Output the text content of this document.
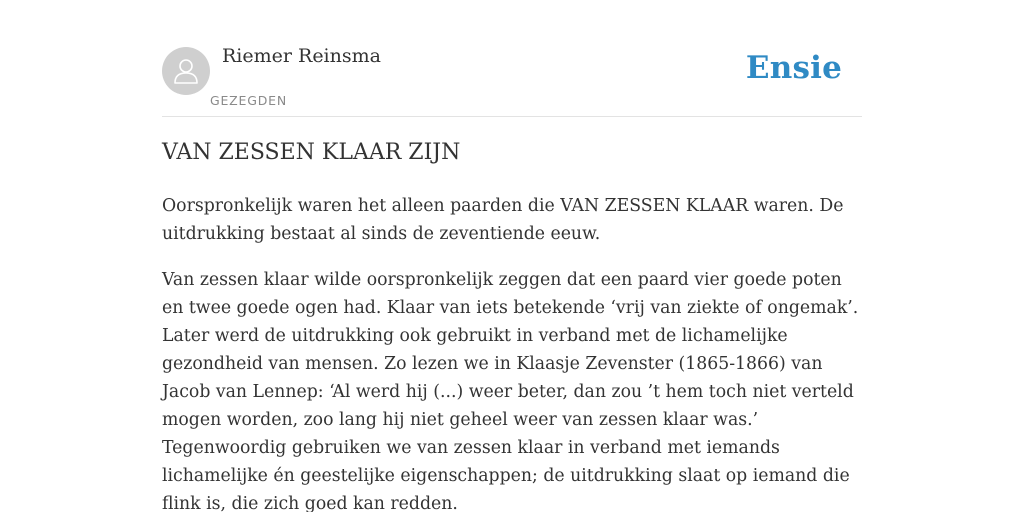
Riemer Reinsma
GEZEGDEN
Ensie
VAN ZESSEN KLAAR ZIJN

Oorspronkelijk waren het alleen paarden die VAN ZESSEN KLAAR waren. De uitdrukking bestaat al sinds de zeventiende eeuw.

Van zessen klaar wilde oorspronkelijk zeggen dat een paard vier goede poten en twee goede ogen had. Klaar van iets betekende ‘vrij van ziekte of ongemak’. Later werd de uitdrukking ook gebruikt in verband met de lichamelijke gezondheid van mensen. Zo lezen we in Klaasje Zevenster (1865-1866) van Jacob van Lennep: ‘Al werd hij (...) weer beter, dan zou ’t hem toch niet verteld mogen worden, zoo lang hij niet geheel weer van zessen klaar was.’ Tegenwoordig gebruiken we van zessen klaar in verband met iemands lichamelijke én geestelijke eigenschappen; de uitdrukking slaat op iemand die flink is, die zich goed kan redden.
